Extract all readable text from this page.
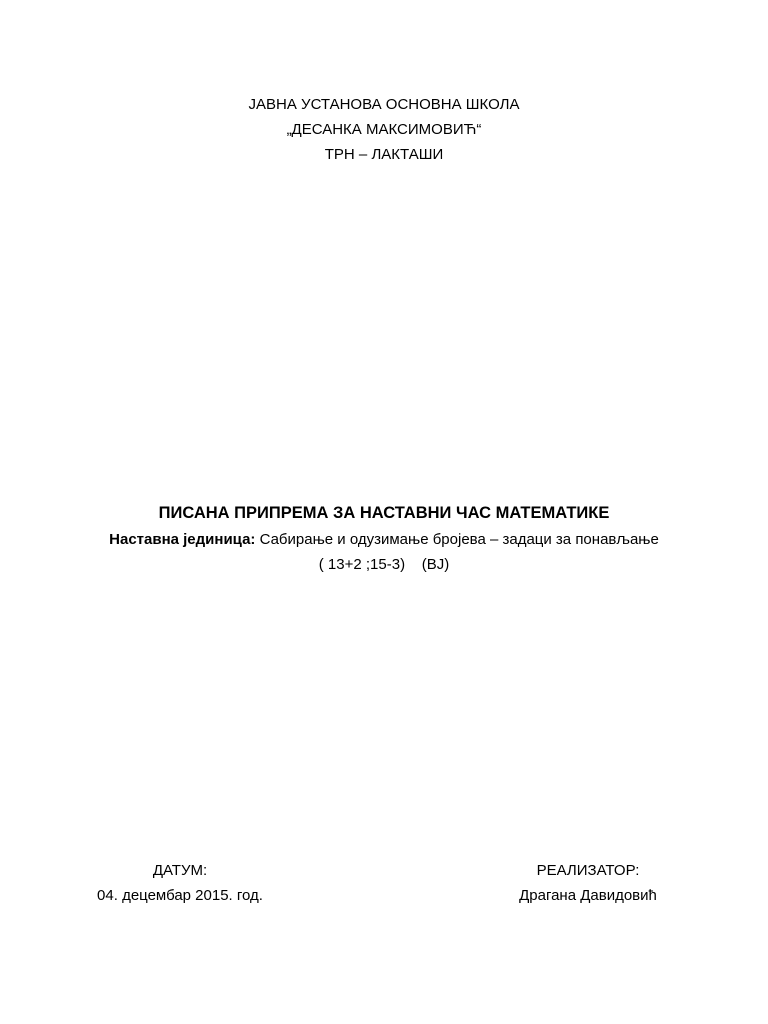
ЈАВНА УСТАНОВА ОСНОВНА ШКОЛА
„ДЕСАНКА МАКСИМОВИЋ“
ТРН – ЛАКТАШИ
ПИСАНА ПРИПРЕМА ЗА НАСТАВНИ ЧАС МАТЕМАТИКЕ
Наставна јединица: Сабирање и одузимање бројева – задаци за понављање
( 13+2 ;15-3)    (ВЈ)
ДАТУМ:
04. децембар 2015. год.
РЕАЛИЗАТОР:
Драгана Давидовић
